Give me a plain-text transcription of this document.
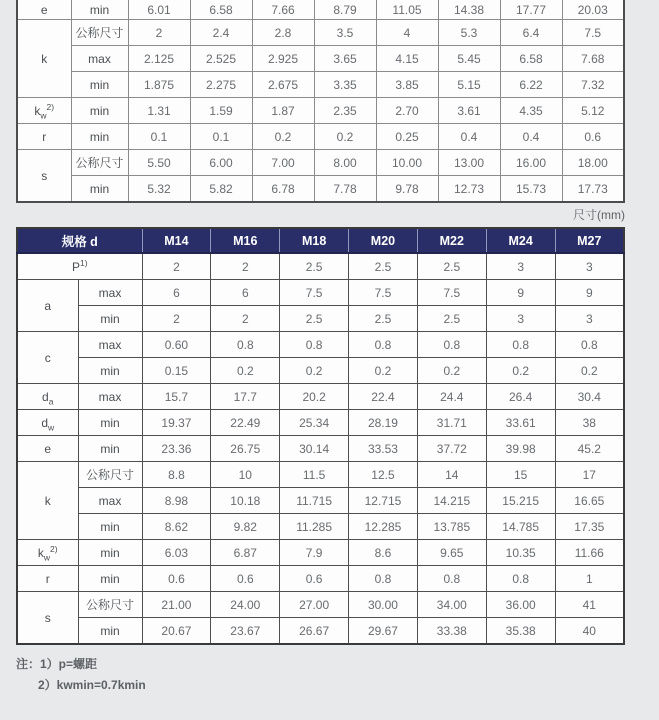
e	min	6.01	6.58	7.66	8.79	11.05	14.38	17.77	20.03
k	公称尺寸	2	2.4	2.8	3.5	4	5.3	6.4	7.5
	max	2.125	2.525	2.925	3.65	4.15	5.45	6.58	7.68
	min	1.875	2.275	2.675	3.35	3.85	5.15	6.22	7.32
$k_w^{2)}$	min	1.31	1.59	1.87	2.35	2.70	3.61	4.35	5.12
r	min	0.1	0.1	0.2	0.2	0.25	0.4	0.4	0.6
s	公称尺寸	5.50	6.00	7.00	8.00	10.00	13.00	16.00	18.00
	min	5.32	5.82	6.78	7.78	9.78	12.73	15.73	17.73
尺寸(mm)
规格 d		M14	M16	M18	M20	M22	M24	M27
$P^{1)}$		2	2	2.5	2.5	2.5	3	3
a	max	6	6	7.5	7.5	7.5	9	9
	min	2	2	2.5	2.5	2.5	3	3
c	max	0.60	0.8	0.8	0.8	0.8	0.8	0.8
	min	0.15	0.2	0.2	0.2	0.2	0.2	0.2
$d_a$	max	15.7	17.7	20.2	22.4	24.4	26.4	30.4
$d_w$	min	19.37	22.49	25.34	28.19	31.71	33.61	38
e	min	23.36	26.75	30.14	33.53	37.72	39.98	45.2
k	公称尺寸	8.8	10	11.5	12.5	14	15	17
	max	8.98	10.18	11.715	12.715	14.215	15.215	16.65
	min	8.62	9.82	11.285	12.285	13.785	14.785	17.35
$k_w^{2)}$	min	6.03	6.87	7.9	8.6	9.65	10.35	11.66
r	min	0.6	0.6	0.6	0.8	0.8	0.8	1
s	公称尺寸	21.00	24.00	27.00	30.00	34.00	36.00	41
	min	20.67	23.67	26.67	29.67	33.38	35.38	40
注：1）p=螺距
2）kwmin=0.7kmin
